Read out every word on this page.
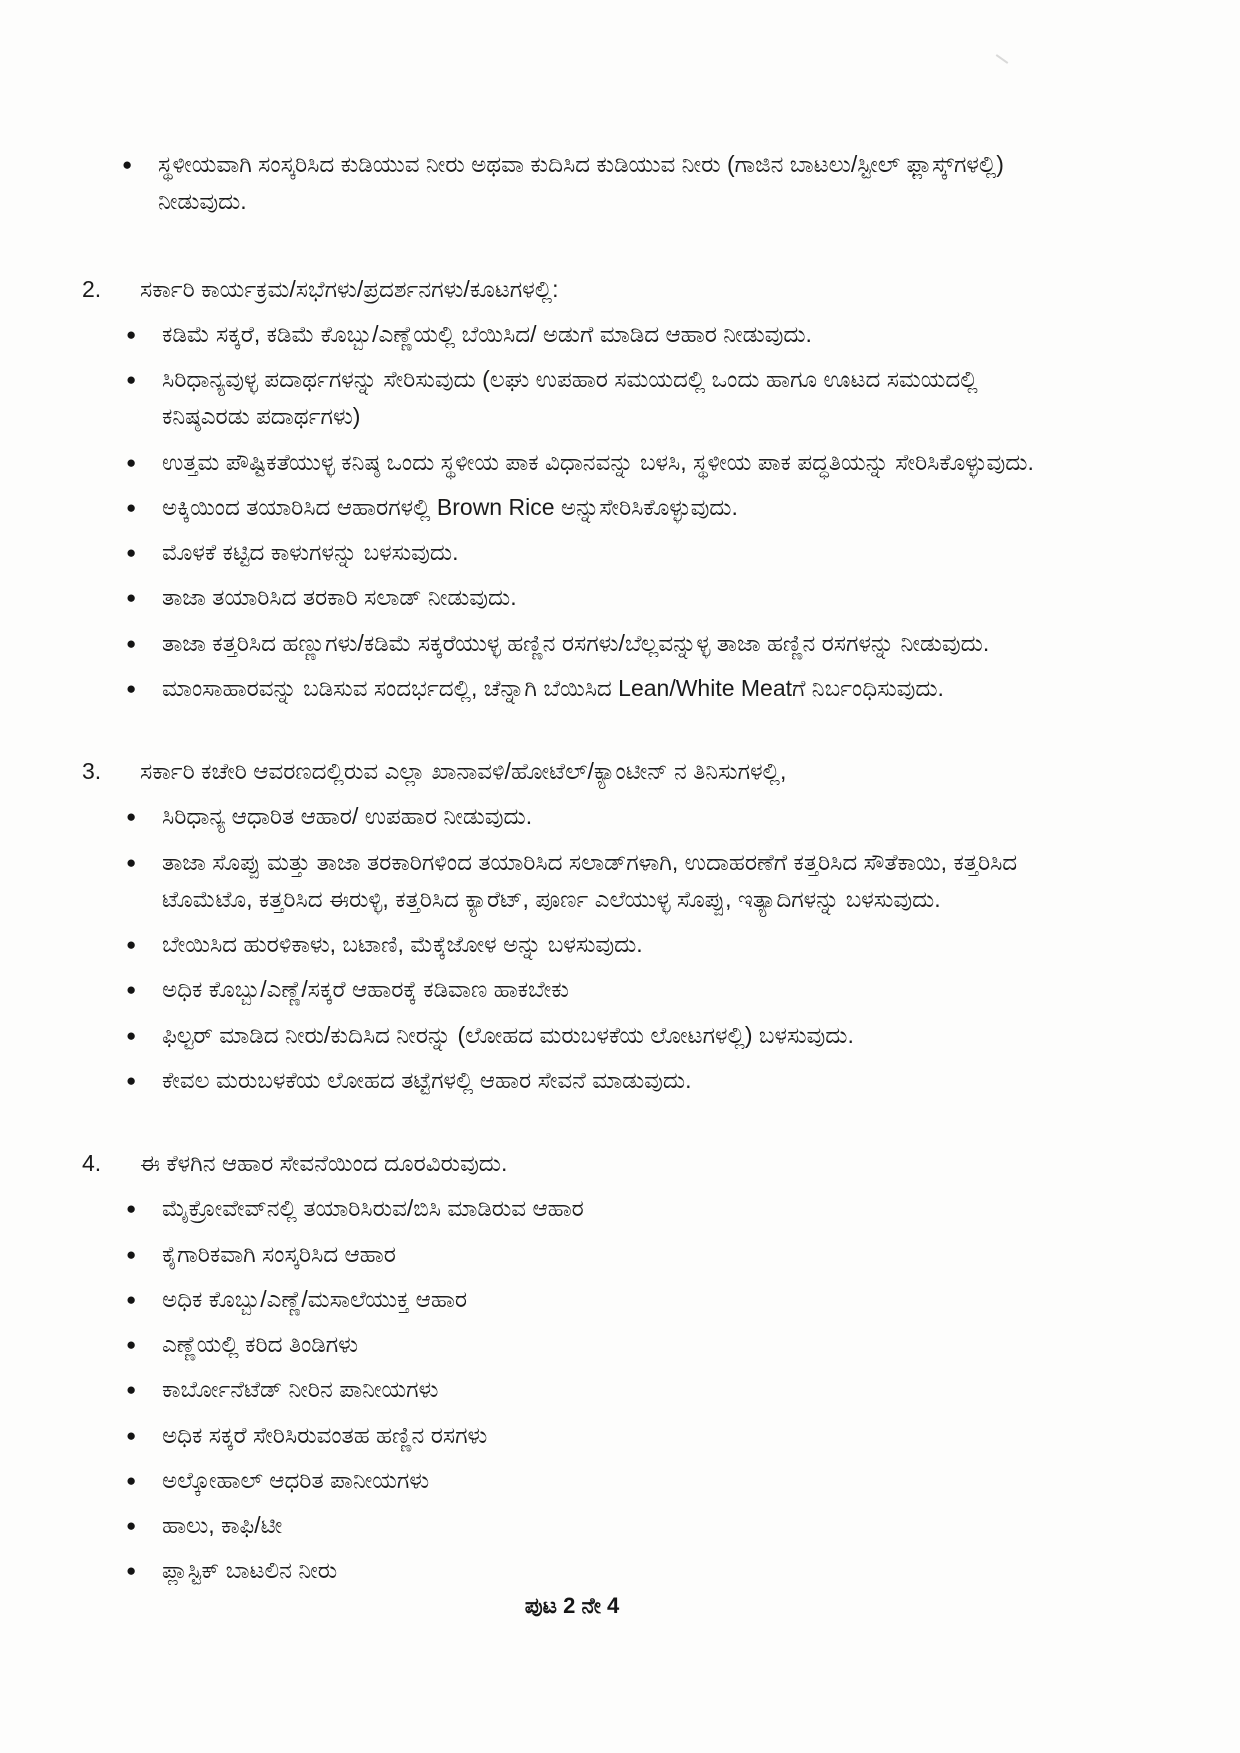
●	ಸ್ಥಳೀಯವಾಗಿ ಸಂಸ್ಕರಿಸಿದ ಕುಡಿಯುವ ನೀರು ಅಥವಾ ಕುದಿಸಿದ ಕುಡಿಯುವ ನೀರು (ಗಾಜಿನ ಬಾಟಲು/ಸ್ಟೀಲ್ ಫ್ಲಾಸ್ಕ್‌ಗಳಲ್ಲಿ) ನೀಡುವುದು.
2.	ಸರ್ಕಾರಿ ಕಾರ್ಯಕ್ರಮ/ಸಭೆಗಳು/ಪ್ರದರ್ಶನಗಳು/ಕೂಟಗಳಲ್ಲಿ:
●	ಕಡಿಮೆ ಸಕ್ಕರೆ, ಕಡಿಮೆ ಕೊಬ್ಬು/ಎಣ್ಣೆಯಲ್ಲಿ ಬೆಯಿಸಿದ/ ಅಡುಗೆ ಮಾಡಿದ ಆಹಾರ ನೀಡುವುದು.
●	ಸಿರಿಧಾನ್ಯವುಳ್ಳ ಪದಾರ್ಥಗಳನ್ನು ಸೇರಿಸುವುದು (ಲಘು ಉಪಹಾರ ಸಮಯದಲ್ಲಿ ಒಂದು ಹಾಗೂ ಊಟದ ಸಮಯದಲ್ಲಿ ಕನಿಷ್ಠಎರಡು ಪದಾರ್ಥಗಳು)
●	ಉತ್ತಮ ಪೌಷ್ಟಿಕತೆಯುಳ್ಳ ಕನಿಷ್ಠ ಒಂದು ಸ್ಥಳೀಯ ಪಾಕ ವಿಧಾನವನ್ನು ಬಳಸಿ, ಸ್ಥಳೀಯ ಪಾಕ ಪದ್ಧತಿಯನ್ನು ಸೇರಿಸಿಕೊಳ್ಳುವುದು.
●	ಅಕ್ಕಿಯಿಂದ ತಯಾರಿಸಿದ ಆಹಾರಗಳಲ್ಲಿ Brown Rice ಅನ್ನುಸೇರಿಸಿಕೊಳ್ಳುವುದು.
●	ಮೊಳಕೆ ಕಟ್ಟಿದ ಕಾಳುಗಳನ್ನು ಬಳಸುವುದು.
●	ತಾಜಾ ತಯಾರಿಸಿದ ತರಕಾರಿ ಸಲಾಡ್ ನೀಡುವುದು.
●	ತಾಜಾ ಕತ್ತರಿಸಿದ ಹಣ್ಣುಗಳು/ಕಡಿಮೆ ಸಕ್ಕರೆಯುಳ್ಳ ಹಣ್ಣಿನ ರಸಗಳು/ಬೆಲ್ಲವನ್ನುಳ್ಳ ತಾಜಾ ಹಣ್ಣಿನ ರಸಗಳನ್ನು ನೀಡುವುದು.
●	ಮಾಂಸಾಹಾರವನ್ನು ಬಡಿಸುವ ಸಂದರ್ಭದಲ್ಲಿ, ಚೆನ್ನಾಗಿ ಬೆಯಿಸಿದ Lean/White Meatಗೆ ನಿರ್ಬಂಧಿಸುವುದು.
3.	ಸರ್ಕಾರಿ ಕಚೇರಿ ಆವರಣದಲ್ಲಿರುವ ಎಲ್ಲಾ ಖಾನಾವಳಿ/ಹೋಟೆಲ್/ಕ್ಯಾಂಟೀನ್ ನ ತಿನಿಸುಗಳಲ್ಲಿ,
●	ಸಿರಿಧಾನ್ಯ ಆಧಾರಿತ ಆಹಾರ/ ಉಪಹಾರ ನೀಡುವುದು.
●	ತಾಜಾ ಸೊಪ್ಪು ಮತ್ತು ತಾಜಾ ತರಕಾರಿಗಳಿಂದ ತಯಾರಿಸಿದ ಸಲಾಡ್‌ಗಳಾಗಿ, ಉದಾಹರಣೆಗೆ ಕತ್ತರಿಸಿದ ಸೌತೆಕಾಯಿ, ಕತ್ತರಿಸಿದ ಟೊಮೆಟೊ, ಕತ್ತರಿಸಿದ ಈರುಳ್ಳಿ, ಕತ್ತರಿಸಿದ ಕ್ಯಾರೆಟ್, ಪೂರ್ಣ ಎಲೆಯುಳ್ಳ ಸೊಪ್ಪು, ಇತ್ಯಾದಿಗಳನ್ನು ಬಳಸುವುದು.
●	ಬೇಯಿಸಿದ ಹುರಳಿಕಾಳು, ಬಟಾಣಿ, ಮೆಕ್ಕೆಜೋಳ ಅನ್ನು ಬಳಸುವುದು.
●	ಅಧಿಕ ಕೊಬ್ಬು/ಎಣ್ಣೆ/ಸಕ್ಕರೆ ಆಹಾರಕ್ಕೆ ಕಡಿವಾಣ ಹಾಕಬೇಕು
●	ಫಿಲ್ಟರ್ ಮಾಡಿದ ನೀರು/ಕುದಿಸಿದ ನೀರನ್ನು (ಲೋಹದ ಮರುಬಳಕೆಯ ಲೋಟಗಳಲ್ಲಿ) ಬಳಸುವುದು.
●	ಕೇವಲ ಮರುಬಳಕೆಯ ಲೋಹದ ತಟ್ಟೆಗಳಲ್ಲಿ ಆಹಾರ ಸೇವನೆ ಮಾಡುವುದು.
4.	ಈ ಕೆಳಗಿನ ಆಹಾರ ಸೇವನೆಯಿಂದ ದೂರವಿರುವುದು.
●	ಮೈಕ್ರೋವೇವ್‌ನಲ್ಲಿ ತಯಾರಿಸಿರುವ/ಬಿಸಿ ಮಾಡಿರುವ ಆಹಾರ
●	ಕೈಗಾರಿಕವಾಗಿ ಸಂಸ್ಕರಿಸಿದ ಆಹಾರ
●	ಅಧಿಕ ಕೊಬ್ಬು/ಎಣ್ಣೆ/ಮಸಾಲೆಯುಕ್ತ ಆಹಾರ
●	ಎಣ್ಣೆಯಲ್ಲಿ ಕರಿದ ತಿಂಡಿಗಳು
●	ಕಾರ್ಬೋನೆಟೆಡ್ ನೀರಿನ ಪಾನೀಯಗಳು
●	ಅಧಿಕ ಸಕ್ಕರೆ ಸೇರಿಸಿರುವಂತಹ ಹಣ್ಣಿನ ರಸಗಳು
●	ಅಲ್ಕೋಹಾಲ್ ಆಧರಿತ ಪಾನೀಯಗಳು
●	ಹಾಲು, ಕಾಫಿ/ಟೀ
●	ಪ್ಲಾಸ್ಟಿಕ್ ಬಾಟಲಿನ ನೀರು
ಪುಟ 2 ನೇ 4
